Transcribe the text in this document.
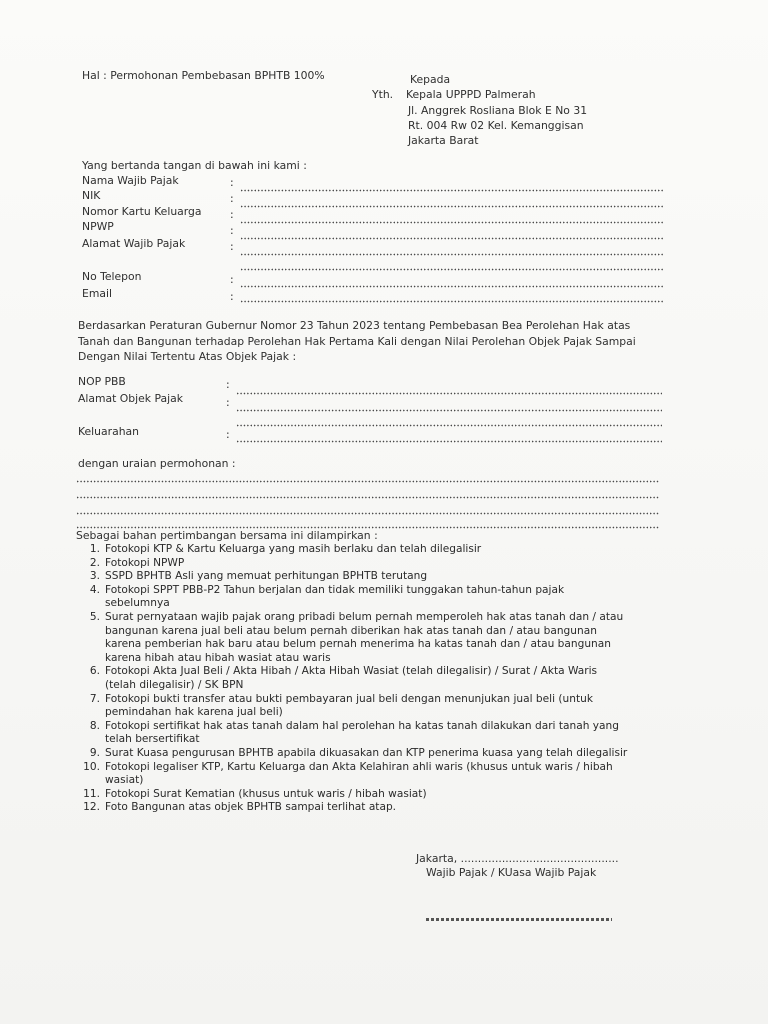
Hal : Permohonan Pembebasan BPHTB 100%	Kepada
Yth. Kepala UPPPD Palmerah
Jl. Anggrek Rosliana Blok E No 31
Rt. 004 Rw 02 Kel. Kemanggisan
Jakarta Barat
Yang bertanda tangan di bawah ini kami :
Nama Wajib Pajak	:
NIK	:
Nomor Kartu Keluarga	:
NPWP	:
Alamat Wajib Pajak	:
No Telepon	:
Email	:
Berdasarkan Peraturan Gubernur Nomor 23 Tahun 2023 tentang Pembebasan Bea Perolehan Hak atas
Tanah dan Bangunan terhadap Perolehan Hak Pertama Kali dengan Nilai Perolehan Objek Pajak Sampai
Dengan Nilai Tertentu Atas Objek Pajak :
NOP PBB	:
Alamat Objek Pajak	:
Keluarahan	:
dengan uraian permohonan :
Sebagai bahan pertimbangan bersama ini dilampirkan :
1. Fotokopi KTP & Kartu Keluarga yang masih berlaku dan telah dilegalisir
2. Fotokopi NPWP
3. SSPD BPHTB Asli yang memuat perhitungan BPHTB terutang
4. Fotokopi SPPT PBB-P2 Tahun berjalan dan tidak memiliki tunggakan tahun-tahun pajak
sebelumnya
5. Surat pernyataan wajib pajak orang pribadi belum pernah memperoleh hak atas tanah dan / atau
bangunan karena jual beli atau belum pernah diberikan hak atas tanah dan / atau bangunan
karena pemberian hak baru atau belum pernah menerima ha katas tanah dan / atau bangunan
karena hibah atau hibah wasiat atau waris
6. Fotokopi Akta Jual Beli / Akta Hibah / Akta Hibah Wasiat (telah dilegalisir) / Surat / Akta Waris
(telah dilegalisir) / SK BPN
7. Fotokopi bukti transfer atau bukti pembayaran jual beli dengan menunjukan jual beli (untuk
pemindahan hak karena jual beli)
8. Fotokopi sertifikat hak atas tanah dalam hal perolehan ha katas tanah dilakukan dari tanah yang
telah bersertifikat
9. Surat Kuasa pengurusan BPHTB apabila dikuasakan dan KTP penerima kuasa yang telah dilegalisir
10. Fotokopi legaliser KTP, Kartu Keluarga dan Akta Kelahiran ahli waris (khusus untuk waris / hibah
wasiat)
11. Fotokopi Surat Kematian (khusus untuk waris / hibah wasiat)
12. Foto Bangunan atas objek BPHTB sampai terlihat atap.
Jakarta, ..............................................
Wajib Pajak / KUasa Wajib Pajak
